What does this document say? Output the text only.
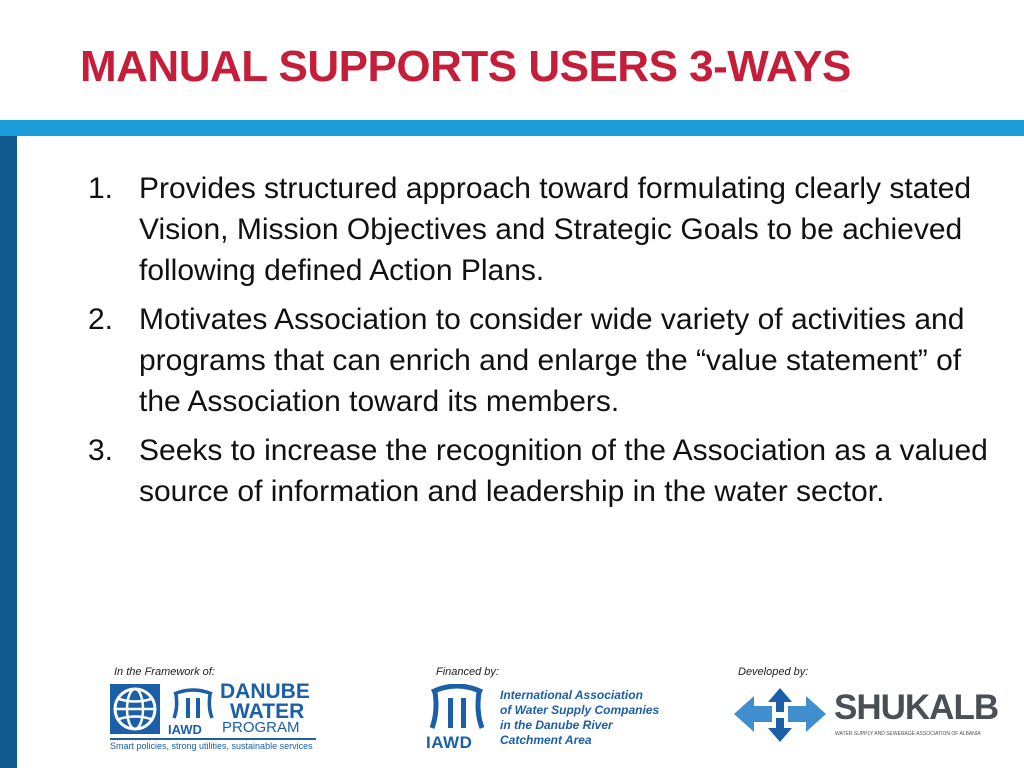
MANUAL SUPPORTS USERS 3-WAYS
1. Provides structured approach toward formulating clearly stated Vision, Mission Objectives and Strategic Goals to be achieved following defined Action Plans.
2. Motivates Association to consider wide variety of activities and programs that can enrich and enlarge the “value statement” of the Association toward its members.
3. Seeks to increase the recognition of the Association as a valued source of information and leadership in the water sector.
In the Framework of:	Financed by:	Developed by:
IAWD
DANUBE
WATER
PROGRAM
Smart policies, strong utilities, sustainable services	IAWD
International Association
of Water Supply Companies
in the Danube River
Catchment Area
SHUKALB
WATER SUPPLY AND SEWERAGE ASSOCIATION OF ALBANIA
